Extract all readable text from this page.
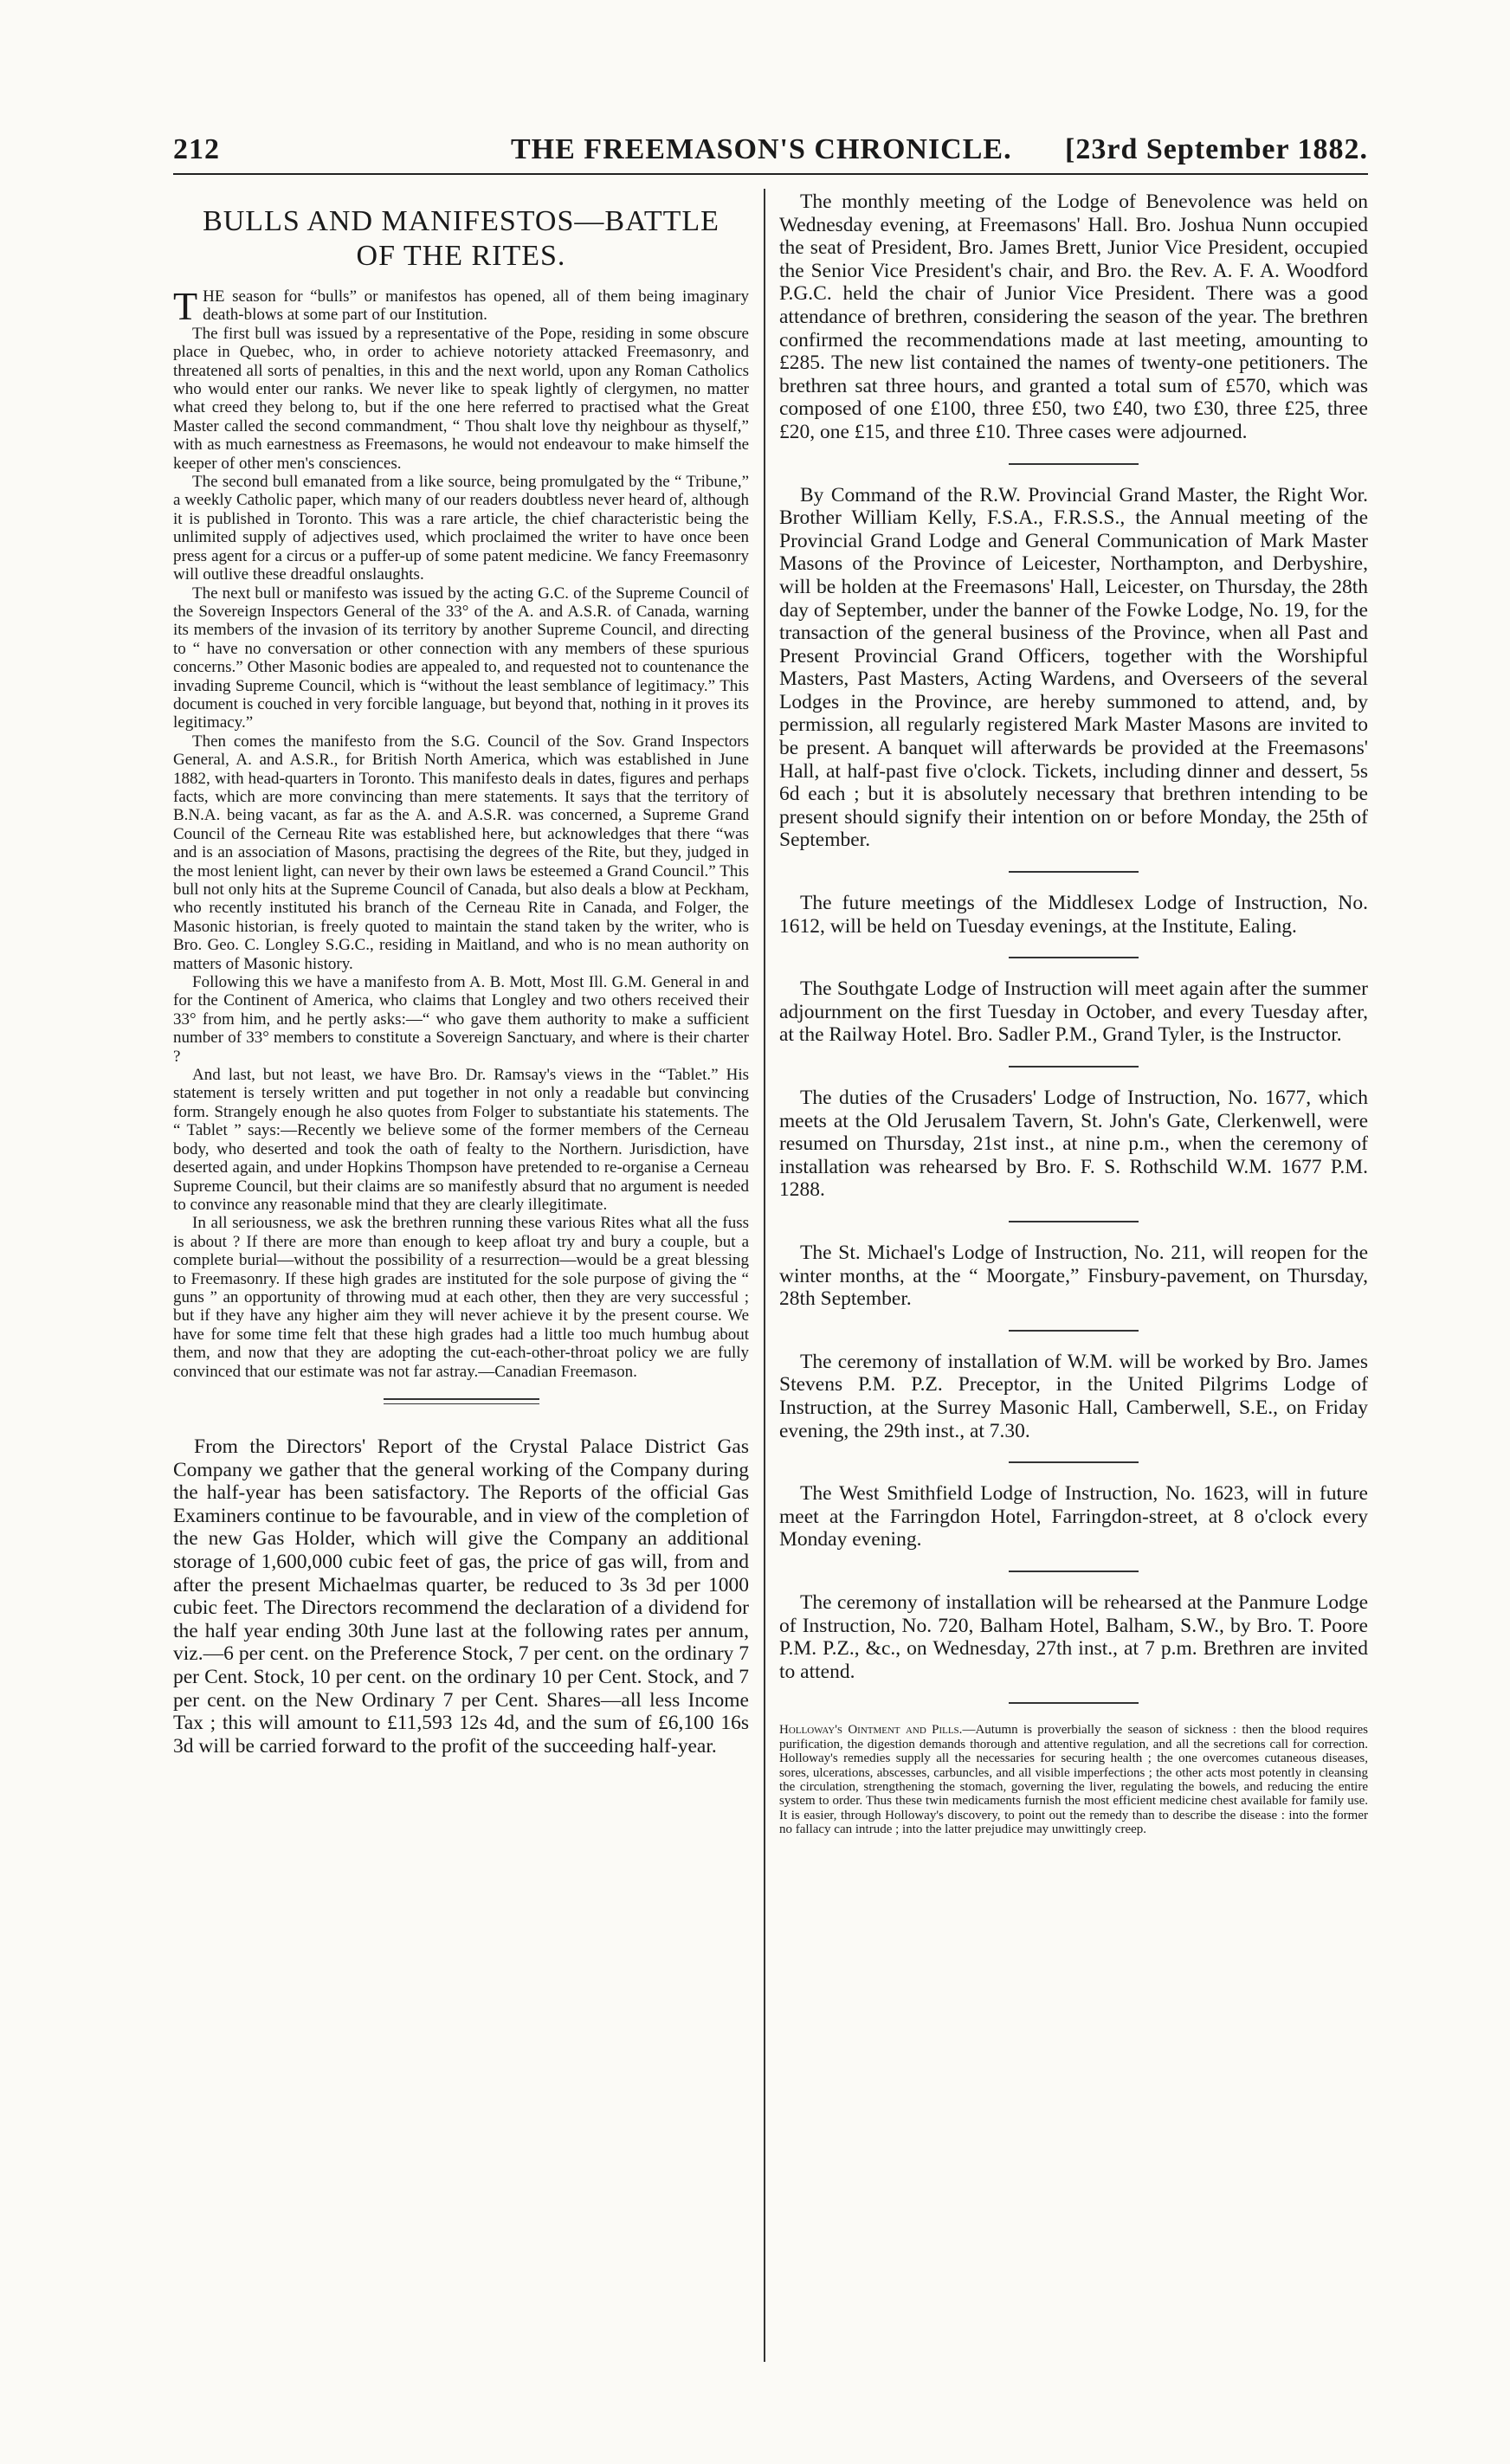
212	THE FREEMASON'S CHRONICLE. [23rd September 1882.
BULLS AND MANIFESTOS—BATTLE
OF THE RITES.

THE season for “bulls” or manifestos has opened, all of them being imaginary death-blows at some part of our Institution.

The first bull was issued by a representative of the Pope, residing in some obscure place in Quebec, who, in order to achieve notoriety attacked Freemasonry, and threatened all sorts of penalties, in this and the next world, upon any Roman Catholics who would enter our ranks. We never like to speak lightly of clergymen, no matter what creed they belong to, but if the one here referred to practised what the Great Master called the second commandment, “ Thou shalt love thy neighbour as thyself,” with as much earnestness as Freemasons, he would not endeavour to make himself the keeper of other men's consciences.

The second bull emanated from a like source, being promulgated by the “ Tribune,” a weekly Catholic paper, which many of our readers doubtless never heard of, although it is published in Toronto. This was a rare article, the chief characteristic being the unlimited supply of adjectives used, which proclaimed the writer to have once been press agent for a circus or a puffer-up of some patent medicine. We fancy Freemasonry will outlive these dreadful onslaughts.

The next bull or manifesto was issued by the acting G.C. of the Supreme Council of the Sovereign Inspectors General of the 33° of the A. and A.S.R. of Canada, warning its members of the invasion of its territory by another Supreme Council, and directing to “ have no conversation or other connection with any members of these spurious concerns.” Other Masonic bodies are appealed to, and requested not to countenance the invading Supreme Council, which is “without the least semblance of legitimacy.” This document is couched in very forcible language, but beyond that, nothing in it proves its legitimacy.”

Then comes the manifesto from the S.G. Council of the Sov. Grand Inspectors General, A. and A.S.R., for British North America, which was established in June 1882, with head-quarters in Toronto. This manifesto deals in dates, figures and perhaps facts, which are more convincing than mere statements. It says that the territory of B.N.A. being vacant, as far as the A. and A.S.R. was concerned, a Supreme Grand Council of the Cerneau Rite was established here, but acknowledges that there “was and is an association of Masons, practising the degrees of the Rite, but they, judged in the most lenient light, can never by their own laws be esteemed a Grand Council.” This bull not only hits at the Supreme Council of Canada, but also deals a blow at Peckham, who recently instituted his branch of the Cerneau Rite in Canada, and Folger, the Masonic historian, is freely quoted to maintain the stand taken by the writer, who is Bro. Geo. C. Longley S.G.C., residing in Maitland, and who is no mean authority on matters of Masonic history.

Following this we have a manifesto from A. B. Mott, Most Ill. G.M. General in and for the Continent of America, who claims that Longley and two others received their 33° from him, and he pertly asks:—“ who gave them authority to make a sufficient number of 33° members to constitute a Sovereign Sanctuary, and where is their charter ?

And last, but not least, we have Bro. Dr. Ramsay's views in the “Tablet.” His statement is tersely written and put together in not only a readable but convincing form. Strangely enough he also quotes from Folger to substantiate his statements. The “ Tablet ” says:—Recently we believe some of the former members of the Cerneau body, who deserted and took the oath of fealty to the Northern. Jurisdiction, have deserted again, and under Hopkins Thompson have pretended to re-organise a Cerneau Supreme Council, but their claims are so manifestly absurd that no argument is needed to convince any reasonable mind that they are clearly illegitimate.

In all seriousness, we ask the brethren running these various Rites what all the fuss is about ? If there are more than enough to keep afloat try and bury a couple, but a complete burial—without the possibility of a resurrection—would be a great blessing to Freemasonry. If these high grades are instituted for the sole purpose of giving the “ guns ” an opportunity of throwing mud at each other, then they are very successful ; but if they have any higher aim they will never achieve it by the present course. We have for some time felt that these high grades had a little too much humbug about them, and now that they are adopting the cut-each-other-throat policy we are fully convinced that our estimate was not far astray.—Canadian Freemason.

From the Directors' Report of the Crystal Palace District Gas Company we gather that the general working of the Company during the half-year has been satisfactory. The Reports of the official Gas Examiners continue to be favourable, and in view of the completion of the new Gas Holder, which will give the Company an additional storage of 1,600,000 cubic feet of gas, the price of gas will, from and after the present Michaelmas quarter, be reduced to 3s 3d per 1000 cubic feet. The Directors recommend the declaration of a dividend for the half year ending 30th June last at the following rates per annum, viz.—6 per cent. on the Preference Stock, 7 per cent. on the ordinary 7 per Cent. Stock, 10 per cent. on the ordinary 10 per Cent. Stock, and 7 per cent. on the New Ordinary 7 per Cent. Shares—all less Income Tax ; this will amount to £11,593 12s 4d, and the sum of £6,100 16s 3d will be carried forward to the profit of the succeeding half-year.

The monthly meeting of the Lodge of Benevolence was held on Wednesday evening, at Freemasons' Hall. Bro. Joshua Nunn occupied the seat of President, Bro. James Brett, Junior Vice President, occupied the Senior Vice President's chair, and Bro. the Rev. A. F. A. Woodford P.G.C. held the chair of Junior Vice President. There was a good attendance of brethren, considering the season of the year. The brethren confirmed the recommendations made at last meeting, amounting to £285. The new list contained the names of twenty-one petitioners. The brethren sat three hours, and granted a total sum of £570, which was composed of one £100, three £50, two £40, two £30, three £25, three £20, one £15, and three £10. Three cases were adjourned.

By Command of the R.W. Provincial Grand Master, the Right Wor. Brother William Kelly, F.S.A., F.R.S.S., the Annual meeting of the Provincial Grand Lodge and General Communication of Mark Master Masons of the Province of Leicester, Northampton, and Derbyshire, will be holden at the Freemasons' Hall, Leicester, on Thursday, the 28th day of September, under the banner of the Fowke Lodge, No. 19, for the transaction of the general business of the Province, when all Past and Present Provincial Grand Officers, together with the Worshipful Masters, Past Masters, Acting Wardens, and Overseers of the several Lodges in the Province, are hereby summoned to attend, and, by permission, all regularly registered Mark Master Masons are invited to be present. A banquet will afterwards be provided at the Freemasons' Hall, at half-past five o'clock. Tickets, including dinner and dessert, 5s 6d each ; but it is absolutely necessary that brethren intending to be present should signify their intention on or before Monday, the 25th of September.

The future meetings of the Middlesex Lodge of Instruction, No. 1612, will be held on Tuesday evenings, at the Institute, Ealing.

The Southgate Lodge of Instruction will meet again after the summer adjournment on the first Tuesday in October, and every Tuesday after, at the Railway Hotel. Bro. Sadler P.M., Grand Tyler, is the Instructor.

The duties of the Crusaders' Lodge of Instruction, No. 1677, which meets at the Old Jerusalem Tavern, St. John's Gate, Clerkenwell, were resumed on Thursday, 21st inst., at nine p.m., when the ceremony of installation was rehearsed by Bro. F. S. Rothschild W.M. 1677 P.M. 1288.

The St. Michael's Lodge of Instruction, No. 211, will reopen for the winter months, at the “ Moorgate,” Finsbury-pavement, on Thursday, 28th September.

The ceremony of installation of W.M. will be worked by Bro. James Stevens P.M. P.Z. Preceptor, in the United Pilgrims Lodge of Instruction, at the Surrey Masonic Hall, Camberwell, S.E., on Friday evening, the 29th inst., at 7.30.

The West Smithfield Lodge of Instruction, No. 1623, will in future meet at the Farringdon Hotel, Farringdon-street, at 8 o'clock every Monday evening.

The ceremony of installation will be rehearsed at the Panmure Lodge of Instruction, No. 720, Balham Hotel, Balham, S.W., by Bro. T. Poore P.M. P.Z., &c., on Wednesday, 27th inst., at 7 p.m. Brethren are invited to attend.

Holloway's Ointment and Pills.—Autumn is proverbially the season of sickness : then the blood requires purification, the digestion demands thorough and attentive regulation, and all the secretions call for correction. Holloway's remedies supply all the necessaries for securing health ; the one overcomes cutaneous diseases, sores, ulcerations, abscesses, carbuncles, and all visible imperfections ; the other acts most potently in cleansing the circulation, strengthening the stomach, governing the liver, regulating the bowels, and reducing the entire system to order. Thus these twin medicaments furnish the most efficient medicine chest available for family use. It is easier, through Holloway's discovery, to point out the remedy than to describe the disease : into the former no fallacy can intrude ; into the latter prejudice may unwittingly creep.
